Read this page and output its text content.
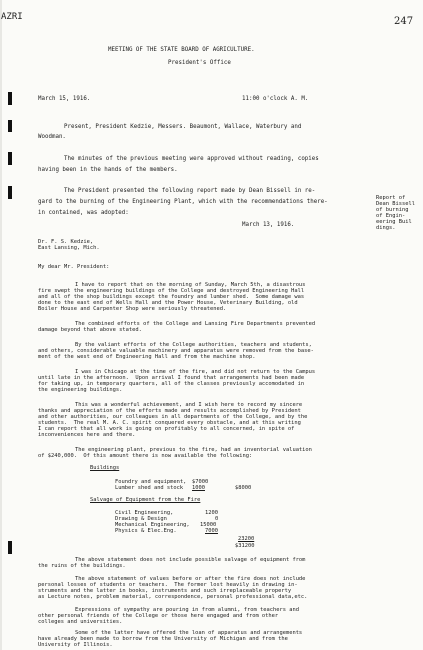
AZRI	247
MEETING OF THE STATE BOARD OF AGRICULTURE.
President's Office
March 15, 1916.	11:00 o'clock A. M.
Present, President Kedzie, Messers. Beaumont, Wallace, Waterbury and
Woodman.
The minutes of the previous meeting were approved without reading, copies
having been in the hands of the members.
The President presented the following report made by Dean Bissell in re-
gard to the burning of the Engineering Plant, which with the recommendations there-
in contained, was adopted:
Report of
Dean Bissell
of burning
of Engin-
eering Buil
dings.
March 13, 1916.
Dr. F. S. Kedzie,
East Lansing, Mich.
My dear Mr. President:
I have to report that on the morning of Sunday, March 5th, a disastrous
fire swept the engineering buildings of the College and destroyed Engineering Hall
and all of the shop buildings except the foundry and lumber shed.  Some damage was
done to the east end of Wells Hall and the Power House, Veterinary Building, old
Boiler House and Carpenter Shop were seriously threatened.
The combined efforts of the College and Lansing Fire Departments prevented
damage beyond that above stated.
By the valiant efforts of the College authorities, teachers and students,
and others, considerable valuable machinery and apparatus were removed from the base-
ment of the west end of Engineering Hall and from the machine shop.
I was in Chicago at the time of the fire, and did not return to the Campus
until late in the afternoon.  Upon arrival I found that arrangements had been made
for taking up, in temporary quarters, all of the classes previously accomodated in
the engineering buildings.
This was a wonderful achievement, and I wish here to record my sincere
thanks and appreciation of the efforts made and results accomplished by President
and other authorities, our colleagues in all departments of the College, and by the
students.  The real M. A. C. spirit conquered every obstacle, and at this writing
I can report that all work is going on profitably to all concerned, in spite of
inconveniences here and there.
The engineering plant, previous to the fire, had an inventorial valuation
of $240,000.  Of this amount there is now available the following:
Buildings
Foundry and equipment, $7000
Lumber shed and stock 1000	$8000
Salvage of Equipment from the Fire
Civil Engineering,	1200
Drawing & Design	0
Mechanical Engineering, 15000
Physics & Elec.Eng.	7000
23200
$31200
The above statement does not include possible salvage of equipment from
the ruins of the buildings.
The above statement of values before or after the fire does not include
personal losses of students or teachers.  The former lost heavily in drawing in-
struments and the latter in books, instruments and such irreplaceable property
as Lecture notes, problem material, correspondence, personal professional data,etc.
Expressions of sympathy are pouring in from alumni, from teachers and
other personal friends of the College or those here engaged and from other
colleges and universities.
Some of the latter have offered the loan of apparatus and arrangements
have already been made to borrow from the University of Michigan and from the
University of Illinois.
